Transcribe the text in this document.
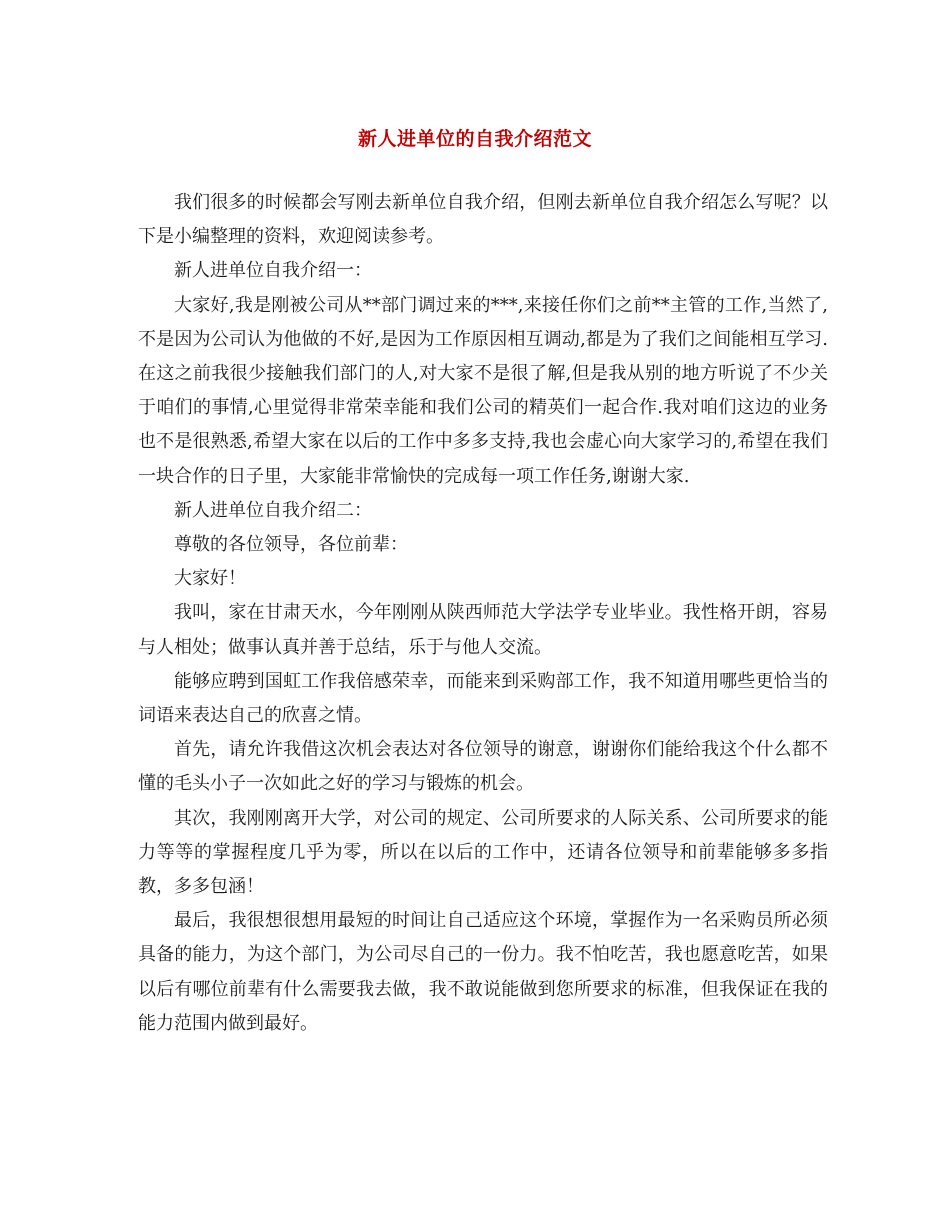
新人进单位的自我介绍范文

我们很多的时候都会写刚去新单位自我介绍，但刚去新单位自我介绍怎么写呢？以下是小编整理的资料，欢迎阅读参考。

新人进单位自我介绍一：

大家好,我是刚被公司从**部门调过来的***,来接任你们之前**主管的工作,当然了,不是因为公司认为他做的不好,是因为工作原因相互调动,都是为了我们之间能相互学习.在这之前我很少接触我们部门的人,对大家不是很了解,但是我从别的地方听说了不少关于咱们的事情,心里觉得非常荣幸能和我们公司的精英们一起合作.我对咱们这边的业务也不是很熟悉,希望大家在以后的工作中多多支持,我也会虚心向大家学习的,希望在我们一块合作的日子里，大家能非常愉快的完成每一项工作任务,谢谢大家.

新人进单位自我介绍二：

尊敬的各位领导，各位前辈：

大家好！

我叫，家在甘肃天水，今年刚刚从陕西师范大学法学专业毕业。我性格开朗，容易与人相处；做事认真并善于总结，乐于与他人交流。

能够应聘到国虹工作我倍感荣幸，而能来到采购部工作，我不知道用哪些更恰当的词语来表达自己的欣喜之情。

首先，请允许我借这次机会表达对各位领导的谢意，谢谢你们能给我这个什么都不懂的毛头小子一次如此之好的学习与锻炼的机会。

其次，我刚刚离开大学，对公司的规定、公司所要求的人际关系、公司所要求的能力等等的掌握程度几乎为零，所以在以后的工作中，还请各位领导和前辈能够多多指教，多多包涵！

最后，我很想很想用最短的时间让自己适应这个环境，掌握作为一名采购员所必须具备的能力，为这个部门，为公司尽自己的一份力。我不怕吃苦，我也愿意吃苦，如果以后有哪位前辈有什么需要我去做，我不敢说能做到您所要求的标准，但我保证在我的能力范围内做到最好。
